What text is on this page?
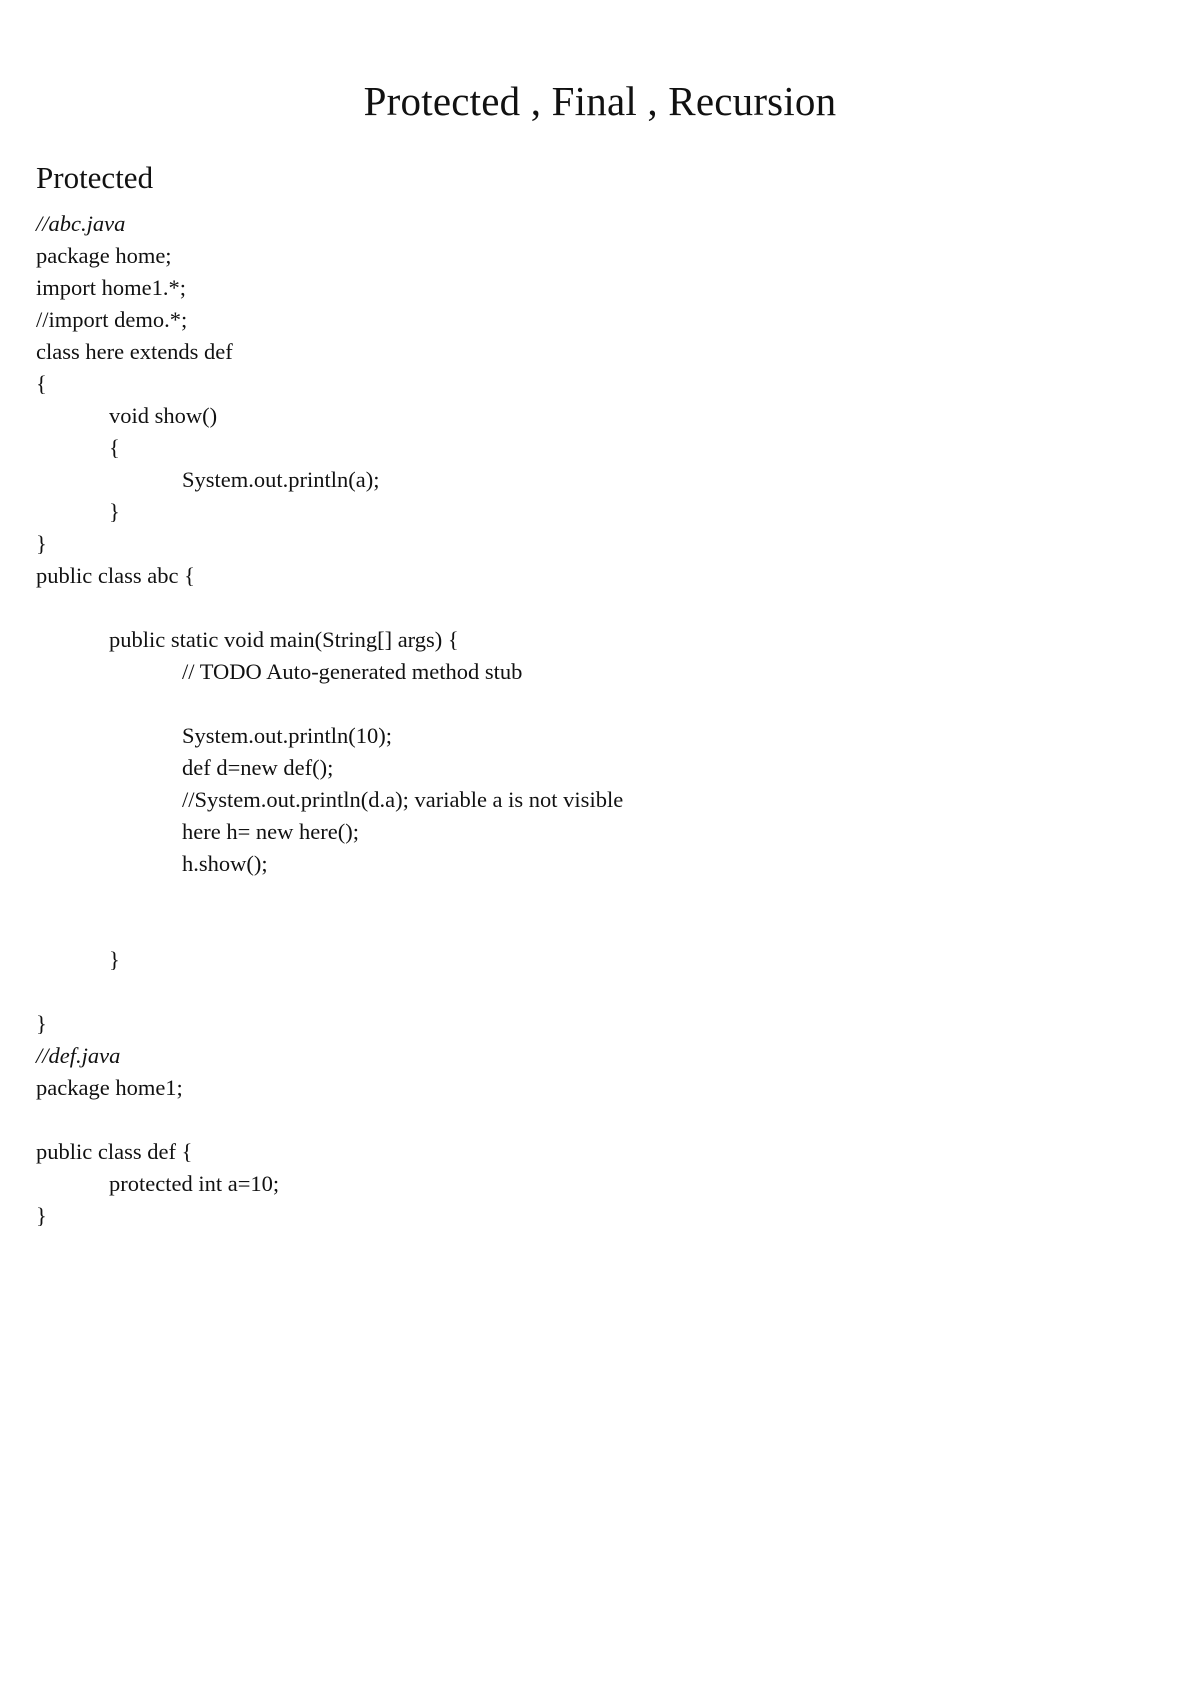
Protected , Final , Recursion
Protected
//abc.java
package home;
import home1.*;
//import demo.*;
class here extends def
{
void show()
{
System.out.println(a);
}
}
public class abc {
public static void main(String[] args) {
// TODO Auto-generated method stub
System.out.println(10);
def d=new def();
//System.out.println(d.a); variable a is not visible
here h= new here();
h.show();
}
}
//def.java
package home1;
public class def {
protected int a=10;
}
